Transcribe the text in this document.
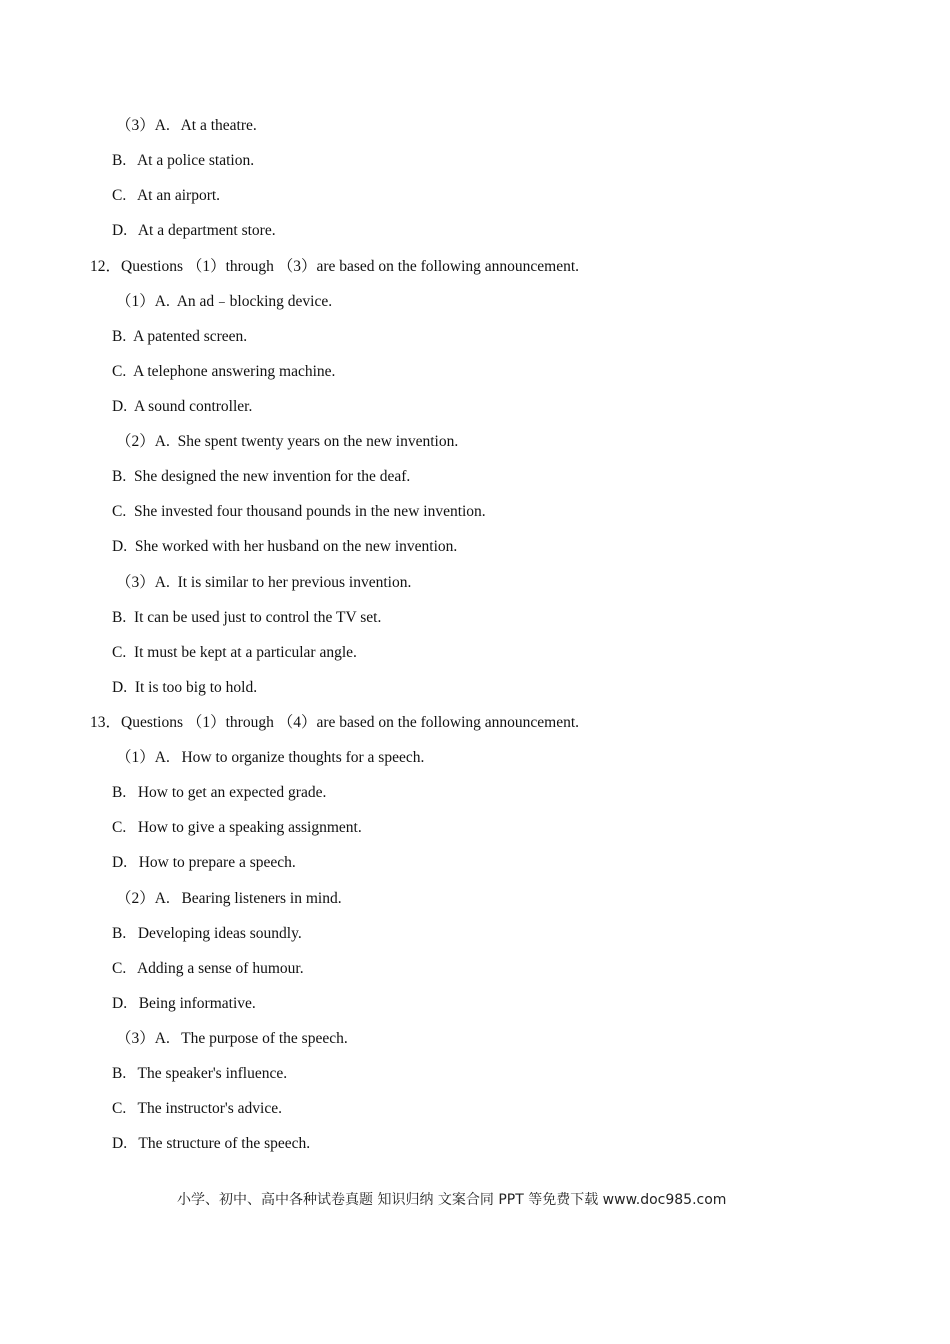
（3）A.   At a theatre.
B.   At a police station.
C.   At an airport.
D.   At a department store.
12．Questions （1）through （3）are based on the following announcement.
（1）A.  An ad﹣blocking device.
B.  A patented screen.
C.  A telephone answering machine.
D.  A sound controller.
（2）A.  She spent twenty years on the new invention.
B.  She designed the new invention for the deaf.
C.  She invested four thousand pounds in the new invention.
D.  She worked with her husband on the new invention.
（3）A.  It is similar to her previous invention.
B.  It can be used just to control the TV set.
C.  It must be kept at a particular angle.
D.  It is too big to hold.
13．Questions （1）through （4）are based on the following announcement.
（1）A.   How to organize thoughts for a speech.
B.   How to get an expected grade.
C.   How to give a speaking assignment.
D.   How to prepare a speech.
（2）A.   Bearing listeners in mind.
B.   Developing ideas soundly.
C.   Adding a sense of humour.
D.   Being informative.
（3）A.   The purpose of the speech.
B.   The speaker's influence.
C.   The instructor's advice.
D.   The structure of the speech.
小学、初中、高中各种试卷真题 知识归纳 文案合同 PPT 等免费下载 www.doc985.com
